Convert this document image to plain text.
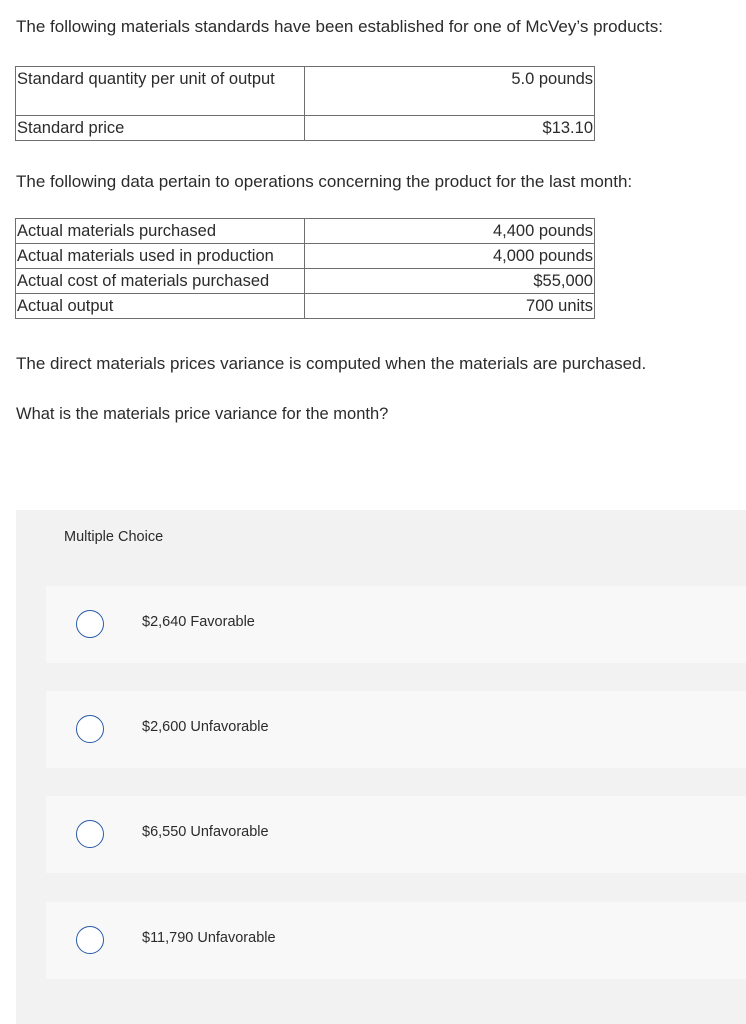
The following materials standards have been established for one of McVey’s products:

Standard quantity per unit of output	5.0 pounds
Standard price	$13.10

The following data pertain to operations concerning the product for the last month:

Actual materials purchased	4,400 pounds
Actual materials used in production	4,000 pounds
Actual cost of materials purchased	$55,000
Actual output	700 units

The direct materials prices variance is computed when the materials are purchased.

What is the materials price variance for the month?

Multiple Choice
$2,640 Favorable
$2,600 Unfavorable
$6,550 Unfavorable
$11,790 Unfavorable
